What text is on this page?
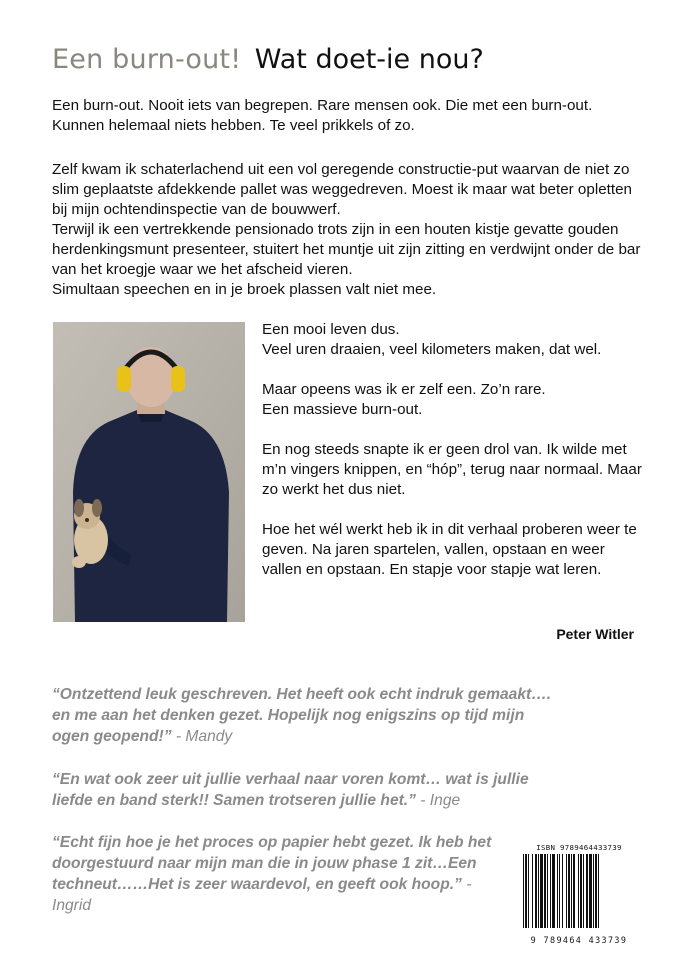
Een burn-out! Wat doet-ie nou?

Een burn-out. Nooit iets van begrepen. Rare mensen ook. Die met een burn-out. Kunnen helemaal niets hebben. Te veel prikkels of zo.

Zelf kwam ik schaterlachend uit een vol geregende constructie-put waarvan de niet zo slim geplaatste afdekkende pallet was weggedreven. Moest ik maar wat beter opletten bij mijn ochtendinspectie van de bouwwerf.
Terwijl ik een vertrekkende pensionado trots zijn in een houten kistje gevatte gouden herdenkingsmunt presenteer, stuitert het muntje uit zijn zitting en verdwijnt onder de bar van het kroegje waar we het afscheid vieren.
Simultaan speechen en in je broek plassen valt niet mee.
Een mooi leven dus.
Veel uren draaien, veel kilometers maken, dat wel.
Maar opeens was ik er zelf een. Zo’n rare.
Een massieve burn-out.
En nog steeds snapte ik er geen drol van. Ik wilde met m’n vingers knippen, en “hóp”, terug naar normaal. Maar zo werkt het dus niet.
Hoe het wél werkt heb ik in dit verhaal proberen weer te geven. Na jaren spartelen, vallen, opstaan en weer vallen en opstaan. En stapje voor stapje wat leren.
Peter Witler

“Ontzettend leuk geschreven. Het heeft ook echt indruk gemaakt…. en me aan het denken gezet. Hopelijk nog enigszins op tijd mijn ogen geopend!” - Mandy

“En wat ook zeer uit jullie verhaal naar voren komt… wat is jullie liefde en band sterk!! Samen trotseren jullie het.” - Inge

“Echt fijn hoe je het proces op papier hebt gezet. Ik heb het doorgestuurd naar mijn man die in jouw phase 1 zit…Een techneut……Het is zeer waardevol, en geeft ook hoop.” - Ingrid

ISBN 9789464433739
9 789464 433739
